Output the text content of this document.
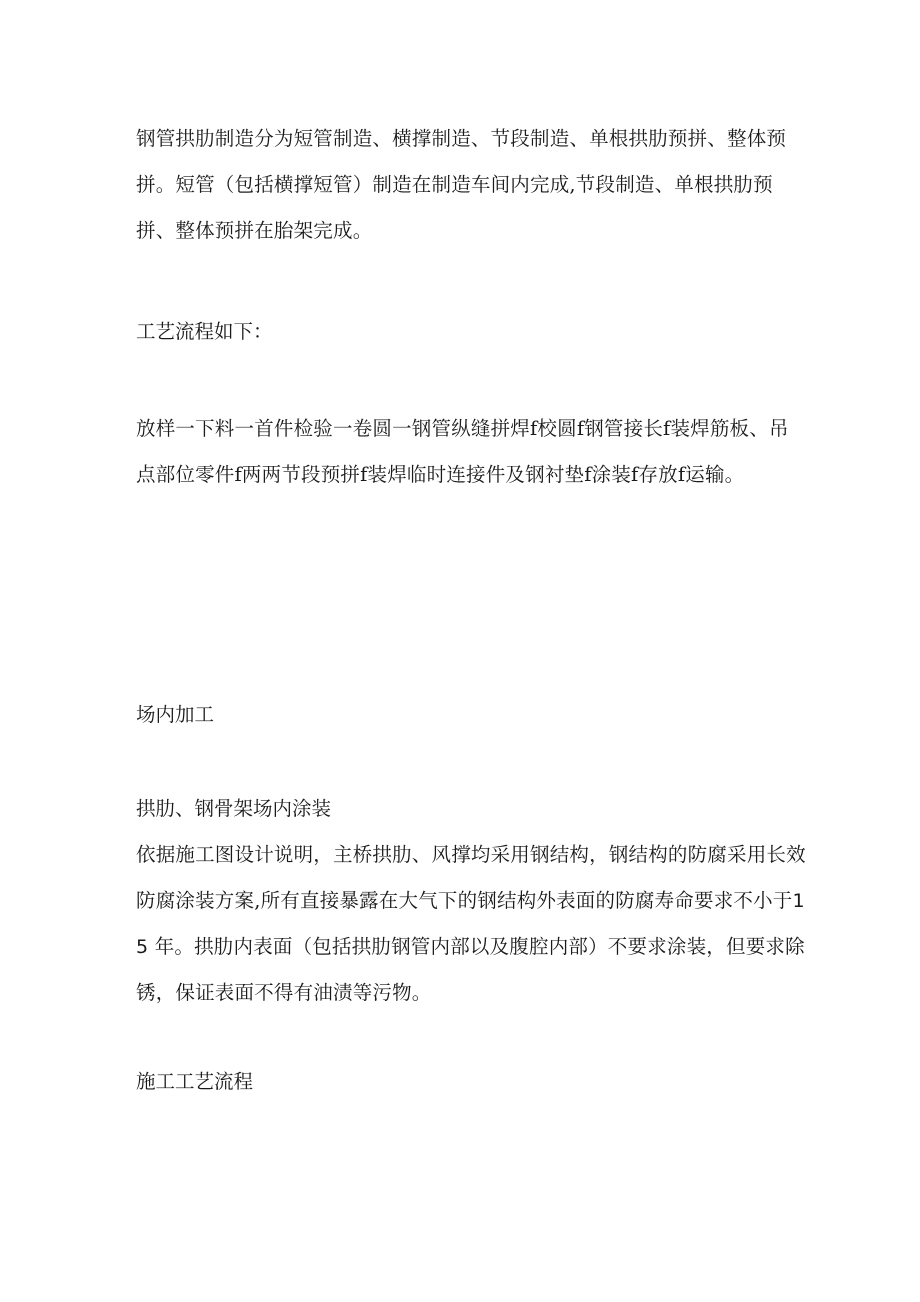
钢管拱肋制造分为短管制造、横撑制造、节段制造、单根拱肋预拼、整体预拼。短管（包括横撑短管）制造在制造车间内完成,节段制造、单根拱肋预拼、整体预拼在胎架完成。

工艺流程如下：

放样一下料一首件检验一卷圆一钢管纵缝拼焊f校圆f钢管接长f装焊筋板、吊点部位零件f两两节段预拼f装焊临时连接件及钢衬垫f涂装f存放f运输。

场内加工

拱肋、钢骨架场内涂装

依据施工图设计说明，主桥拱肋、风撑均采用钢结构，钢结构的防腐采用长效防腐涂装方案,所有直接暴露在大气下的钢结构外表面的防腐寿命要求不小于15 年。拱肋内表面（包括拱肋钢管内部以及腹腔内部）不要求涂装，但要求除锈，保证表面不得有油渍等污物。

施工工艺流程
